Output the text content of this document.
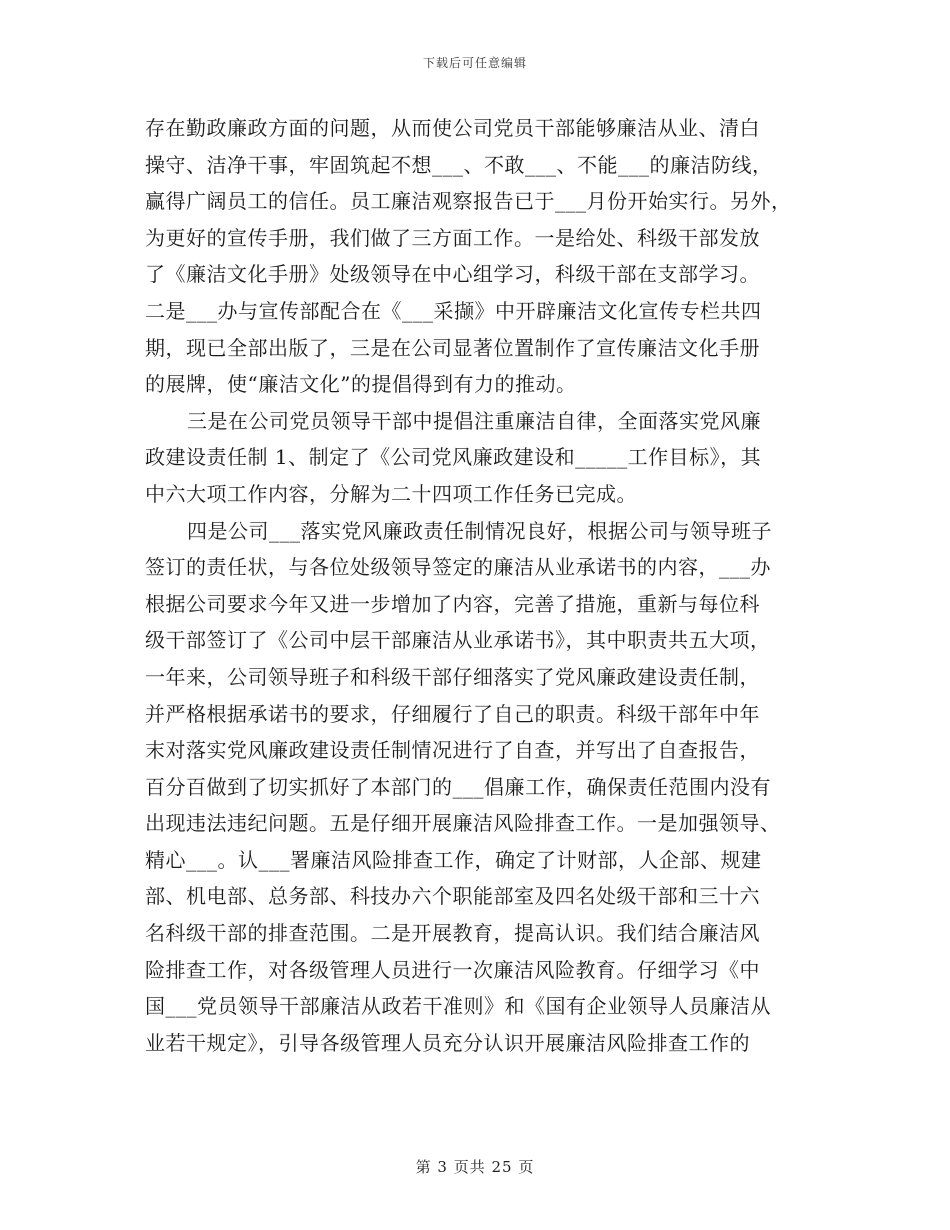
下载后可任意编辑
存在勤政廉政方面的问题，从而使公司党员干部能够廉洁从业、清白
操守、洁净干事，牢固筑起不想___、不敢___、不能___的廉洁防线，
赢得广阔员工的信任。员工廉洁观察报告已于___月份开始实行。另外，
为更好的宣传手册，我们做了三方面工作。一是给处、科级干部发放
了《廉洁文化手册》处级领导在中心组学习，科级干部在支部学习。
二是___办与宣传部配合在《___采撷》中开辟廉洁文化宣传专栏共四
期，现已全部出版了，三是在公司显著位置制作了宣传廉洁文化手册
的展牌，使“廉洁文化”的提倡得到有力的推动。
三是在公司党员领导干部中提倡注重廉洁自律，全面落实党风廉
政建设责任制 1、制定了《公司党风廉政建设和_____工作目标》，其
中六大项工作内容，分解为二十四项工作任务已完成。
四是公司___落实党风廉政责任制情况良好，根据公司与领导班子
签订的责任状，与各位处级领导签定的廉洁从业承诺书的内容，___办
根据公司要求今年又进一步增加了内容，完善了措施，重新与每位科
级干部签订了《公司中层干部廉洁从业承诺书》，其中职责共五大项，
一年来，公司领导班子和科级干部仔细落实了党风廉政建设责任制，
并严格根据承诺书的要求，仔细履行了自己的职责。科级干部年中年
末对落实党风廉政建设责任制情况进行了自查，并写出了自查报告，
百分百做到了切实抓好了本部门的___倡廉工作，确保责任范围内没有
出现违法违纪问题。五是仔细开展廉洁风险排查工作。一是加强领导、
精心___。认___署廉洁风险排查工作，确定了计财部，人企部、规建
部、机电部、总务部、科技办六个职能部室及四名处级干部和三十六
名科级干部的排查范围。二是开展教育，提高认识。我们结合廉洁风
险排查工作，对各级管理人员进行一次廉洁风险教育。仔细学习《中
国___党员领导干部廉洁从政若干准则》和《国有企业领导人员廉洁从
业若干规定》，引导各级管理人员充分认识开展廉洁风险排查工作的
第 3 页共 25 页
